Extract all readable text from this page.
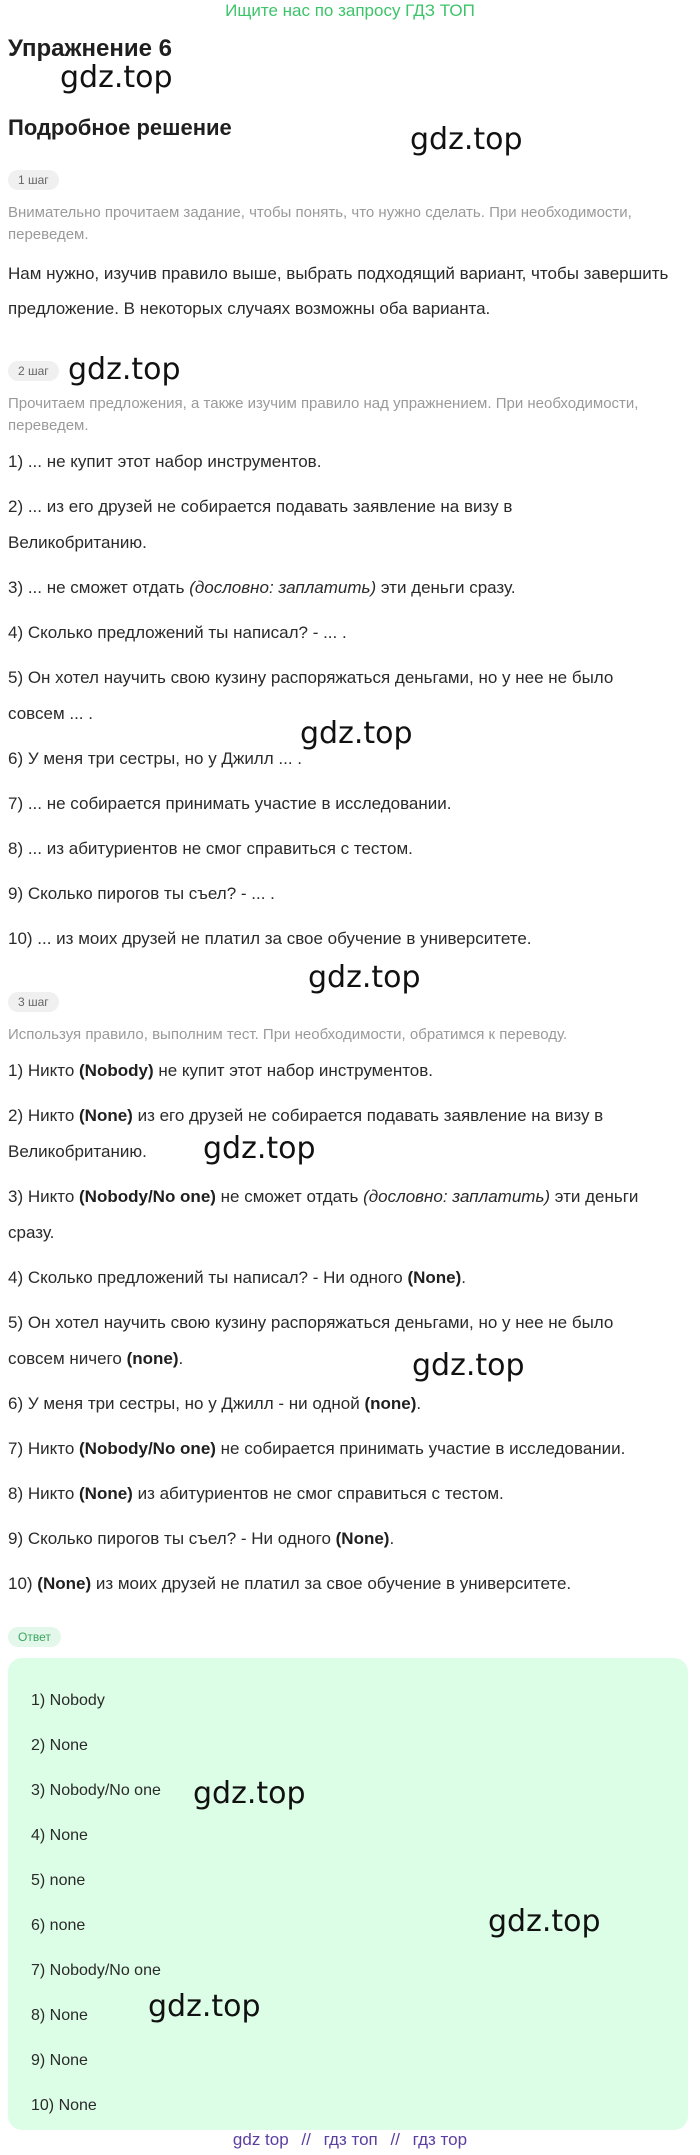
Ищите нас по запросу ГДЗ ТОП
Упражнение 6
gdz.top
Подробное решение	gdz.top
1 шаг
Внимательно прочитаем задание, чтобы понять, что нужно сделать. При необходимости, переведем.
Нам нужно, изучив правило выше, выбрать подходящий вариант, чтобы завершить предложение. В некоторых случаях возможны оба варианта.
2 шаг gdz.top
Прочитаем предложения, а также изучим правило над упражнением. При необходимости, переведем.
1) ... не купит этот набор инструментов.
2) ... из его друзей не собирается подавать заявление на визу в
Великобританию.
3) ... не сможет отдать (дословно: заплатить) эти деньги сразу.
4) Сколько предложений ты написал? - ... .
5) Он хотел научить свою кузину распоряжаться деньгами, но у нее не было
совсем ... .
gdz.top
6) У меня три сестры, но у Джилл ... .
7) ... не собирается принимать участие в исследовании.
8) ... из абитуриентов не смог справиться с тестом.
9) Сколько пирогов ты съел? - ... .
10) ... из моих друзей не платил за свое обучение в университете.
gdz.top
3 шаг
Используя правило, выполним тест. При необходимости, обратимся к переводу.
1) Никто (Nobody) не купит этот набор инструментов.
2) Никто (None) из его друзей не собирается подавать заявление на визу в
Великобританию.	gdz.top
3) Никто (Nobody/No one) не сможет отдать (дословно: заплатить) эти деньги
сразу.
4) Сколько предложений ты написал? - Ни одного (None).
5) Он хотел научить свою кузину распоряжаться деньгами, но у нее не было
совсем ничего (none).	gdz.top
6) У меня три сестры, но у Джилл - ни одной (none).
7) Никто (Nobody/No one) не собирается принимать участие в исследовании.
8) Никто (None) из абитуриентов не смог справиться с тестом.
9) Сколько пирогов ты съел? - Ни одного (None).
10) (None) из моих друзей не платил за свое обучение в университете.
Ответ
1) Nobody
2) None
3) Nobody/No one gdz.top
4) None
5) none
6) none	gdz.top
7) Nobody/No one
8) None gdz.top
9) None
10) None
gdz top // гдз топ // гдз тор
